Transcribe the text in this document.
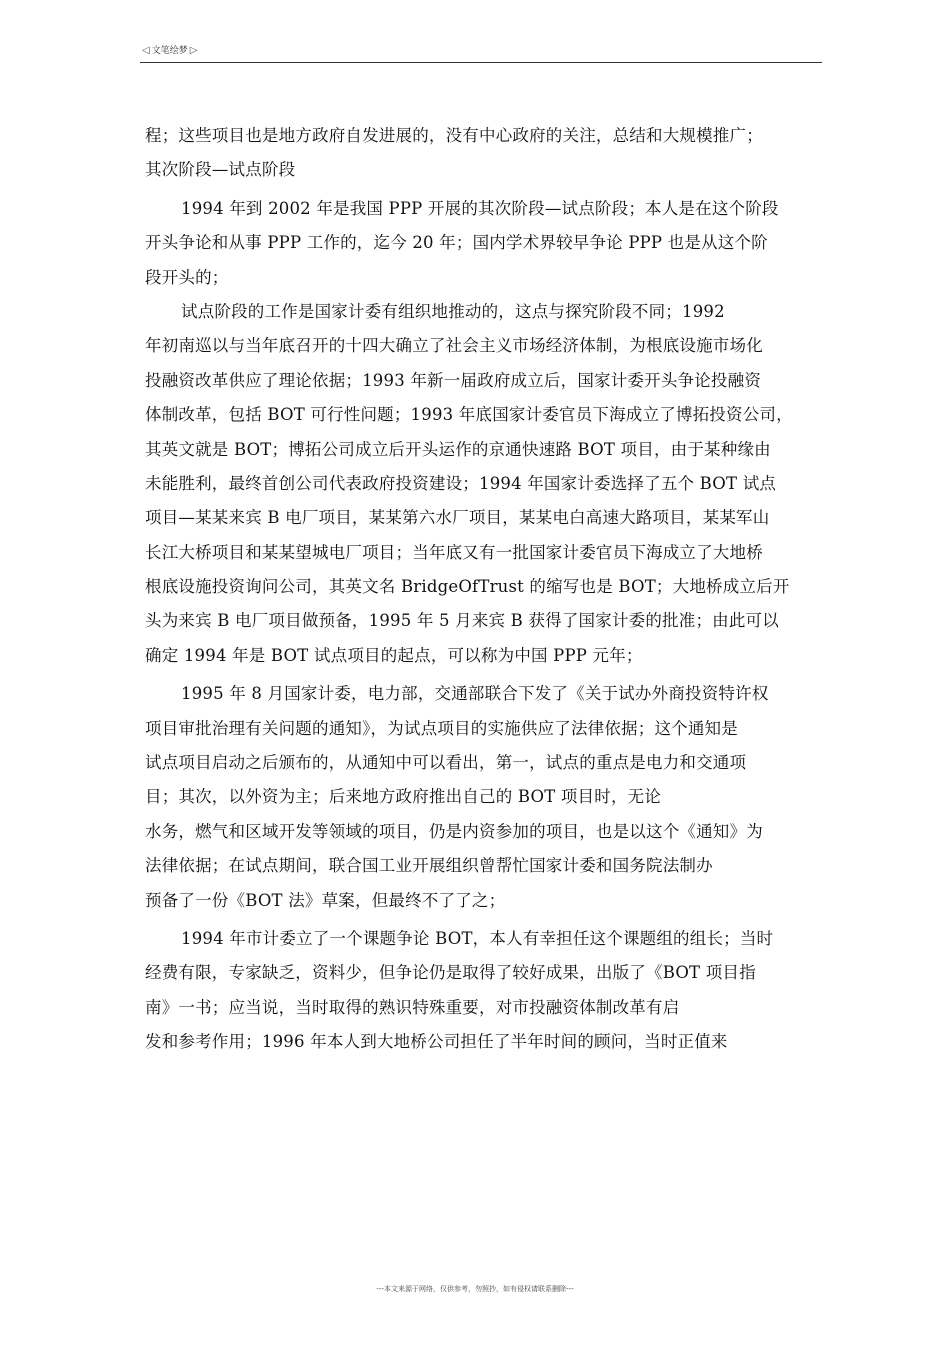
◁ 文笔绘梦 ▷
程；这些项目也是地方政府自发进展的，没有中心政府的关注，总结和大规模推广；
其次阶段—试点阶段
1994 年到 2002 年是我国 PPP 开展的其次阶段—试点阶段；本人是在这个阶段
开头争论和从事 PPP 工作的，迄今 20 年；国内学术界较早争论 PPP 也是从这个阶
段开头的；
试点阶段的工作是国家计委有组织地推动的，这点与探究阶段不同；1992
年初南巡以与当年底召开的十四大确立了社会主义市场经济体制，为根底设施市场化
投融资改革供应了理论依据；1993 年新一届政府成立后，国家计委开头争论投融资
体制改革，包括 BOT 可行性问题；1993 年底国家计委官员下海成立了博拓投资公司，
其英文就是 BOT；博拓公司成立后开头运作的京通快速路 BOT 项目，由于某种缘由
未能胜利，最终首创公司代表政府投资建设；1994 年国家计委选择了五个 BOT 试点
项目—某某来宾 B 电厂项目，某某第六水厂项目，某某电白高速大路项目，某某军山
长江大桥项目和某某望城电厂项目；当年底又有一批国家计委官员下海成立了大地桥
根底设施投资询问公司，其英文名 BridgeOfTrust 的缩写也是 BOT；大地桥成立后开
头为来宾 B 电厂项目做预备，1995 年 5 月来宾 B 获得了国家计委的批准；由此可以
确定 1994 年是 BOT 试点项目的起点，可以称为中国 PPP 元年；
1995 年 8 月国家计委，电力部，交通部联合下发了《关于试办外商投资特许权
项目审批治理有关问题的通知》，为试点项目的实施供应了法律依据；这个通知是
试点项目启动之后颁布的，从通知中可以看出，第一，试点的重点是电力和交通项
目；其次，以外资为主；后来地方政府推出自己的 BOT 项目时，无论
水务，燃气和区域开发等领域的项目，仍是内资参加的项目，也是以这个《通知》为
法律依据；在试点期间，联合国工业开展组织曾帮忙国家计委和国务院法制办
预备了一份《BOT 法》草案，但最终不了了之；
1994 年市计委立了一个课题争论 BOT，本人有幸担任这个课题组的组长；当时
经费有限，专家缺乏，资料少，但争论仍是取得了较好成果，出版了《BOT 项目指
南》一书；应当说，当时取得的熟识特殊重要，对市投融资体制改革有启
发和参考作用；1996 年本人到大地桥公司担任了半年时间的顾问，当时正值来
---本文来源于网络，仅供参考，勿照抄，如有侵权请联系删除---
